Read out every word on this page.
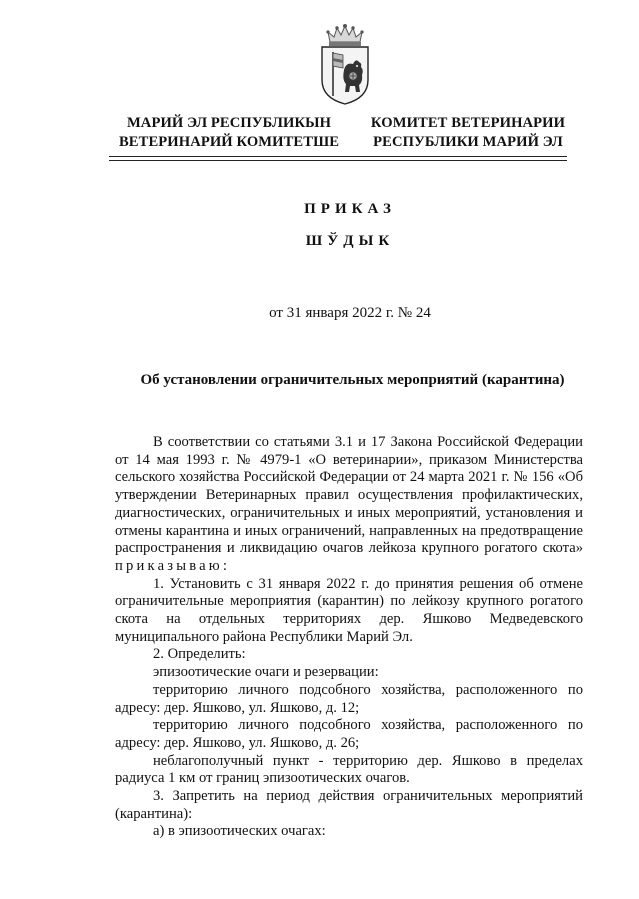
МАРИЙ ЭЛ РЕСПУБЛИКЫН
ВЕТЕРИНАРИЙ КОМИТЕТШЕ
КОМИТЕТ ВЕТЕРИНАРИИ
РЕСПУБЛИКИ МАРИЙ ЭЛ
ПРИКАЗ
ШЎДЫК
от 31 января 2022 г. № 24
Об установлении ограничительных мероприятий (карантина)

В соответствии со статьями 3.1 и 17 Закона Российской Федерации от 14 мая 1993 г. № 4979-1 «О ветеринарии», приказом Министерства сельского хозяйства Российской Федерации от 24 марта 2021 г. № 156 «Об утверждении Ветеринарных правил осуществления профилактических, диагностических, ограничительных и иных мероприятий, установления и отмены карантина и иных ограничений, направленных на предотвращение распространения и ликвидацию очагов лейкоза крупного рогатого скота» приказываю:

1. Установить с 31 января 2022 г. до принятия решения об отмене ограничительные мероприятия (карантин) по лейкозу крупного рогатого скота на отдельных территориях дер. Яшково Медведевского муниципального района Республики Марий Эл.

2. Определить:

эпизоотические очаги и резервации:

территорию личного подсобного хозяйства, расположенного по адресу: дер. Яшково, ул. Яшково, д. 12;

территорию личного подсобного хозяйства, расположенного по адресу: дер. Яшково, ул. Яшково, д. 26;

неблагополучный пункт - территорию дер. Яшково в пределах радиуса 1 км от границ эпизоотических очагов.

3. Запретить на период действия ограничительных мероприятий (карантина):

а) в эпизоотических очагах:
